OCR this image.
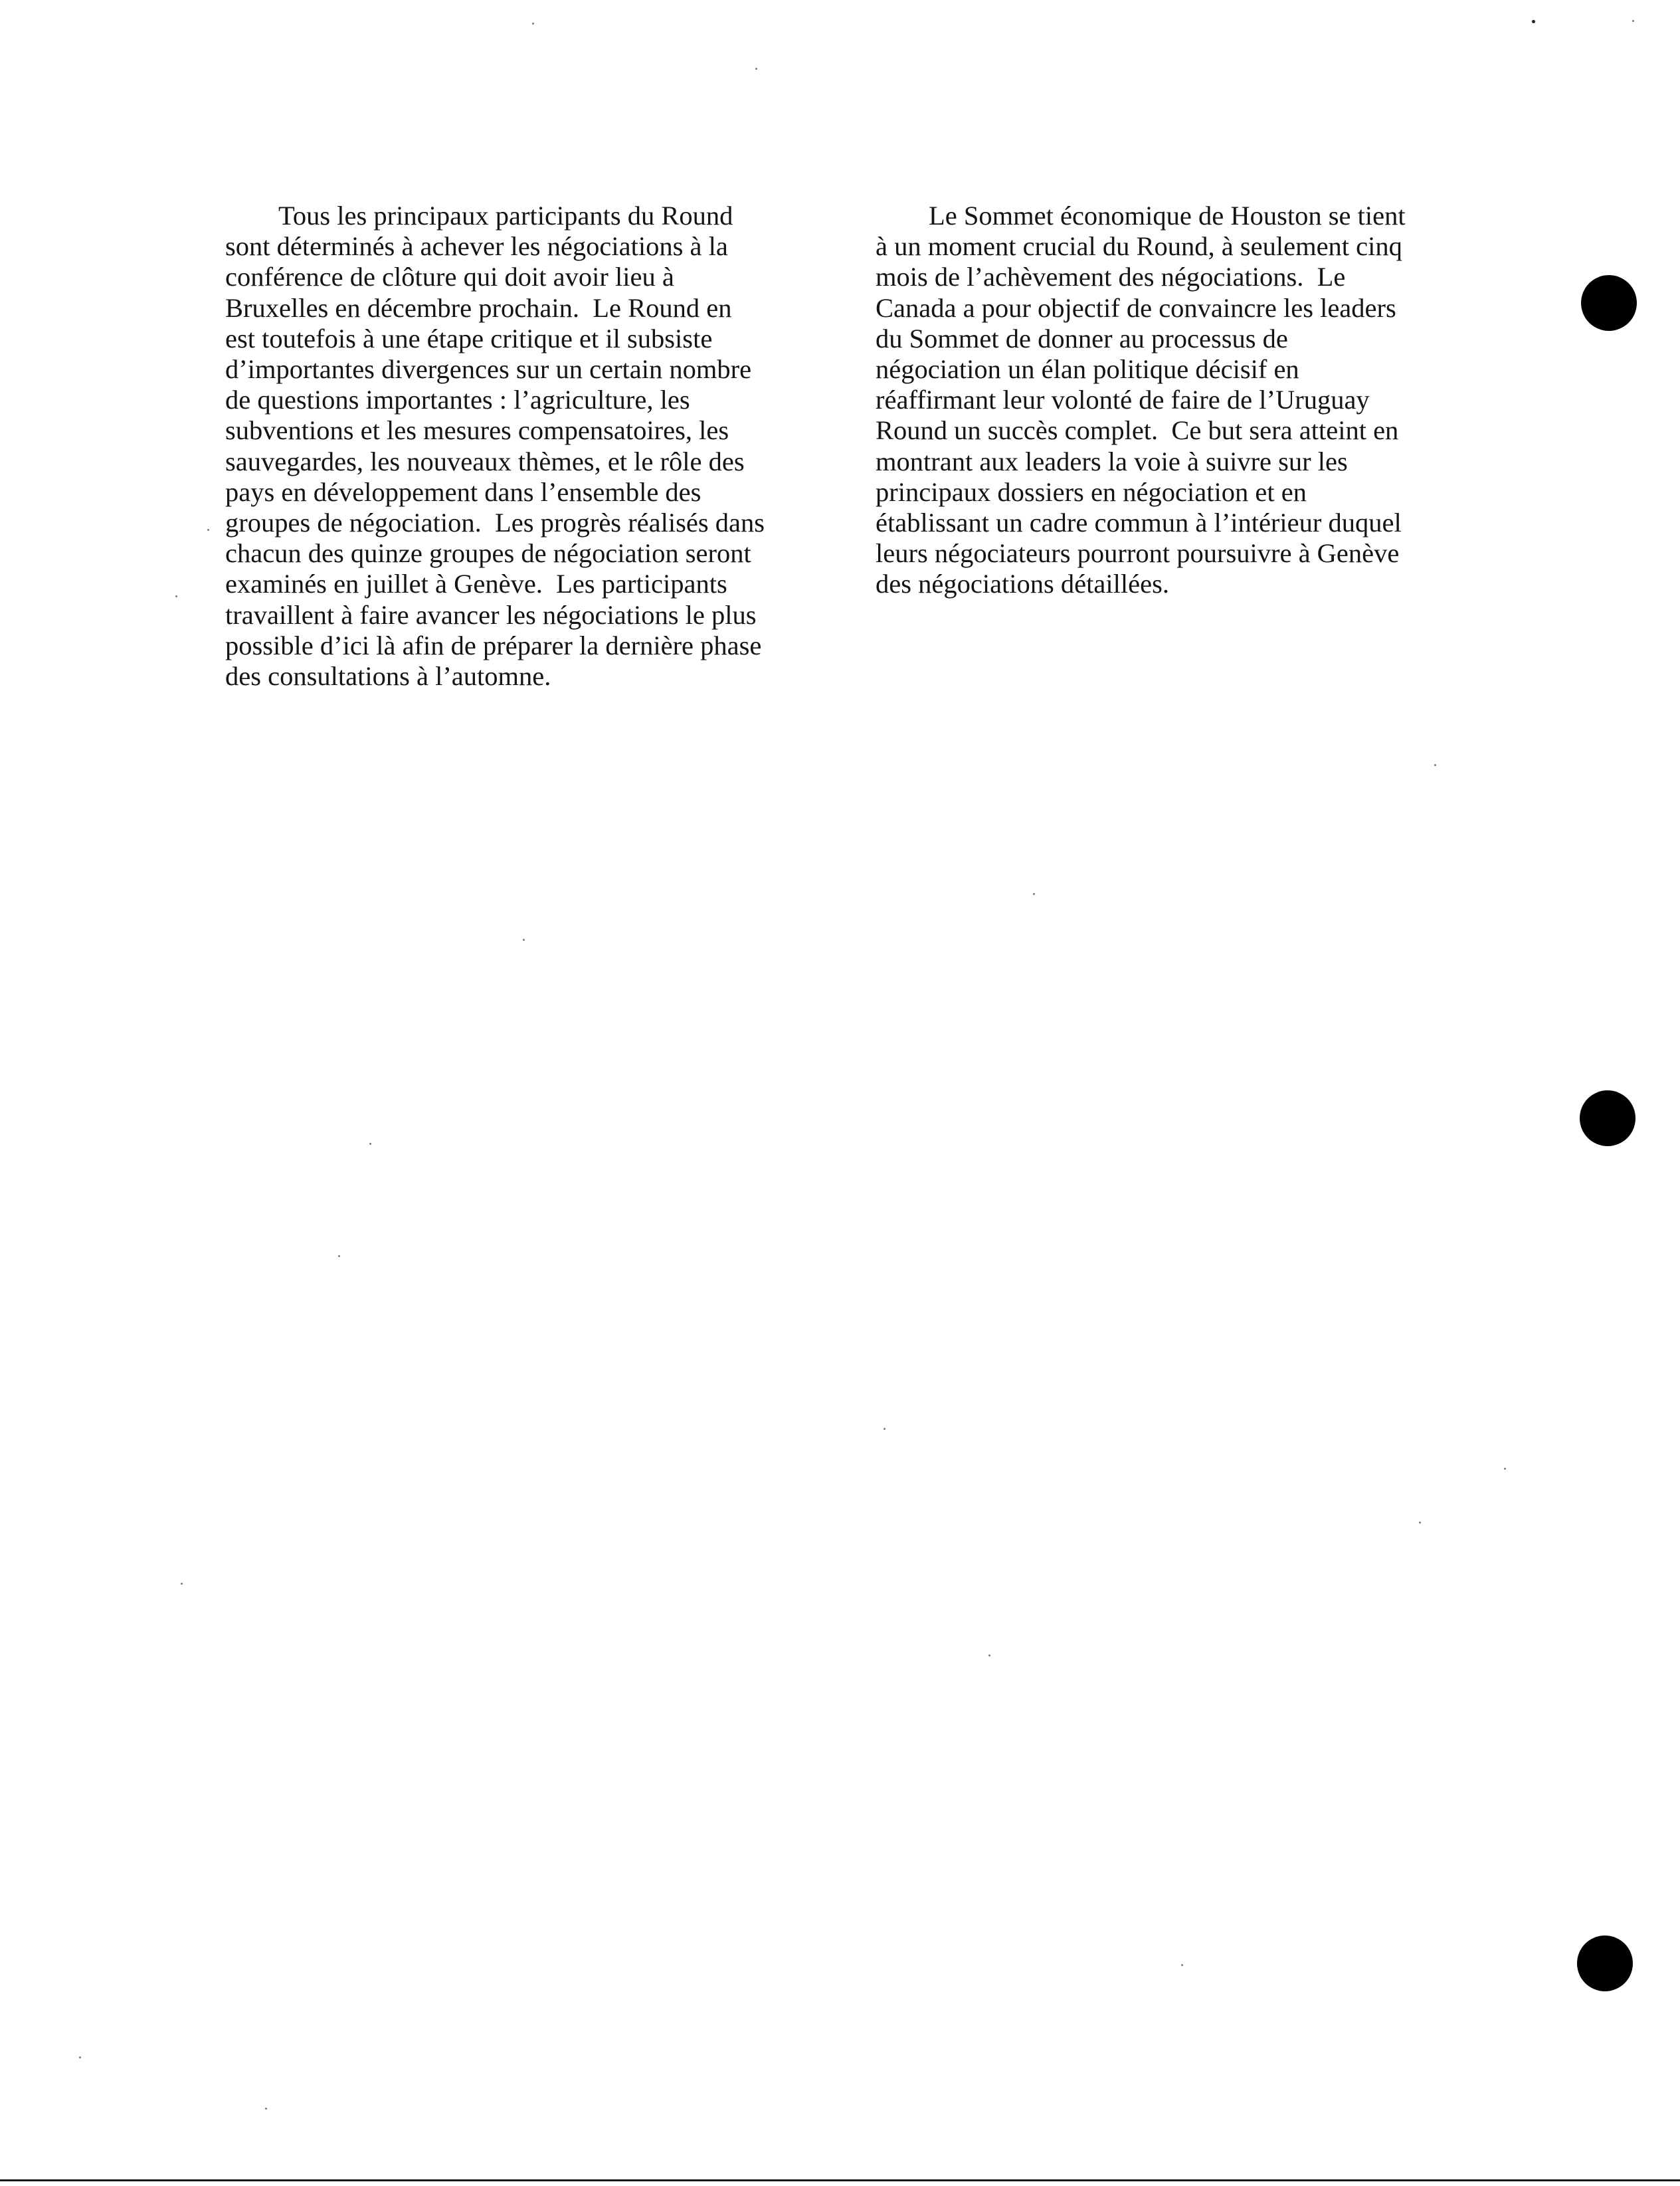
Tous les principaux participants du Round
sont déterminés à achever les négociations à la
conférence de clôture qui doit avoir lieu à
Bruxelles en décembre prochain.  Le Round en
est toutefois à une étape critique et il subsiste
d’importantes divergences sur un certain nombre
de questions importantes : l’agriculture, les
subventions et les mesures compensatoires, les
sauvegardes, les nouveaux thèmes, et le rôle des
pays en développement dans l’ensemble des
groupes de négociation.  Les progrès réalisés dans
chacun des quinze groupes de négociation seront
examinés en juillet à Genève.  Les participants
travaillent à faire avancer les négociations le plus
possible d’ici là afin de préparer la dernière phase
des consultations à l’automne.
Le Sommet économique de Houston se tient
à un moment crucial du Round, à seulement cinq
mois de l’achèvement des négociations.  Le
Canada a pour objectif de convaincre les leaders
du Sommet de donner au processus de
négociation un élan politique décisif en
réaffirmant leur volonté de faire de l’Uruguay
Round un succès complet.  Ce but sera atteint en
montrant aux leaders la voie à suivre sur les
principaux dossiers en négociation et en
établissant un cadre commun à l’intérieur duquel
leurs négociateurs pourront poursuivre à Genève
des négociations détaillées.
